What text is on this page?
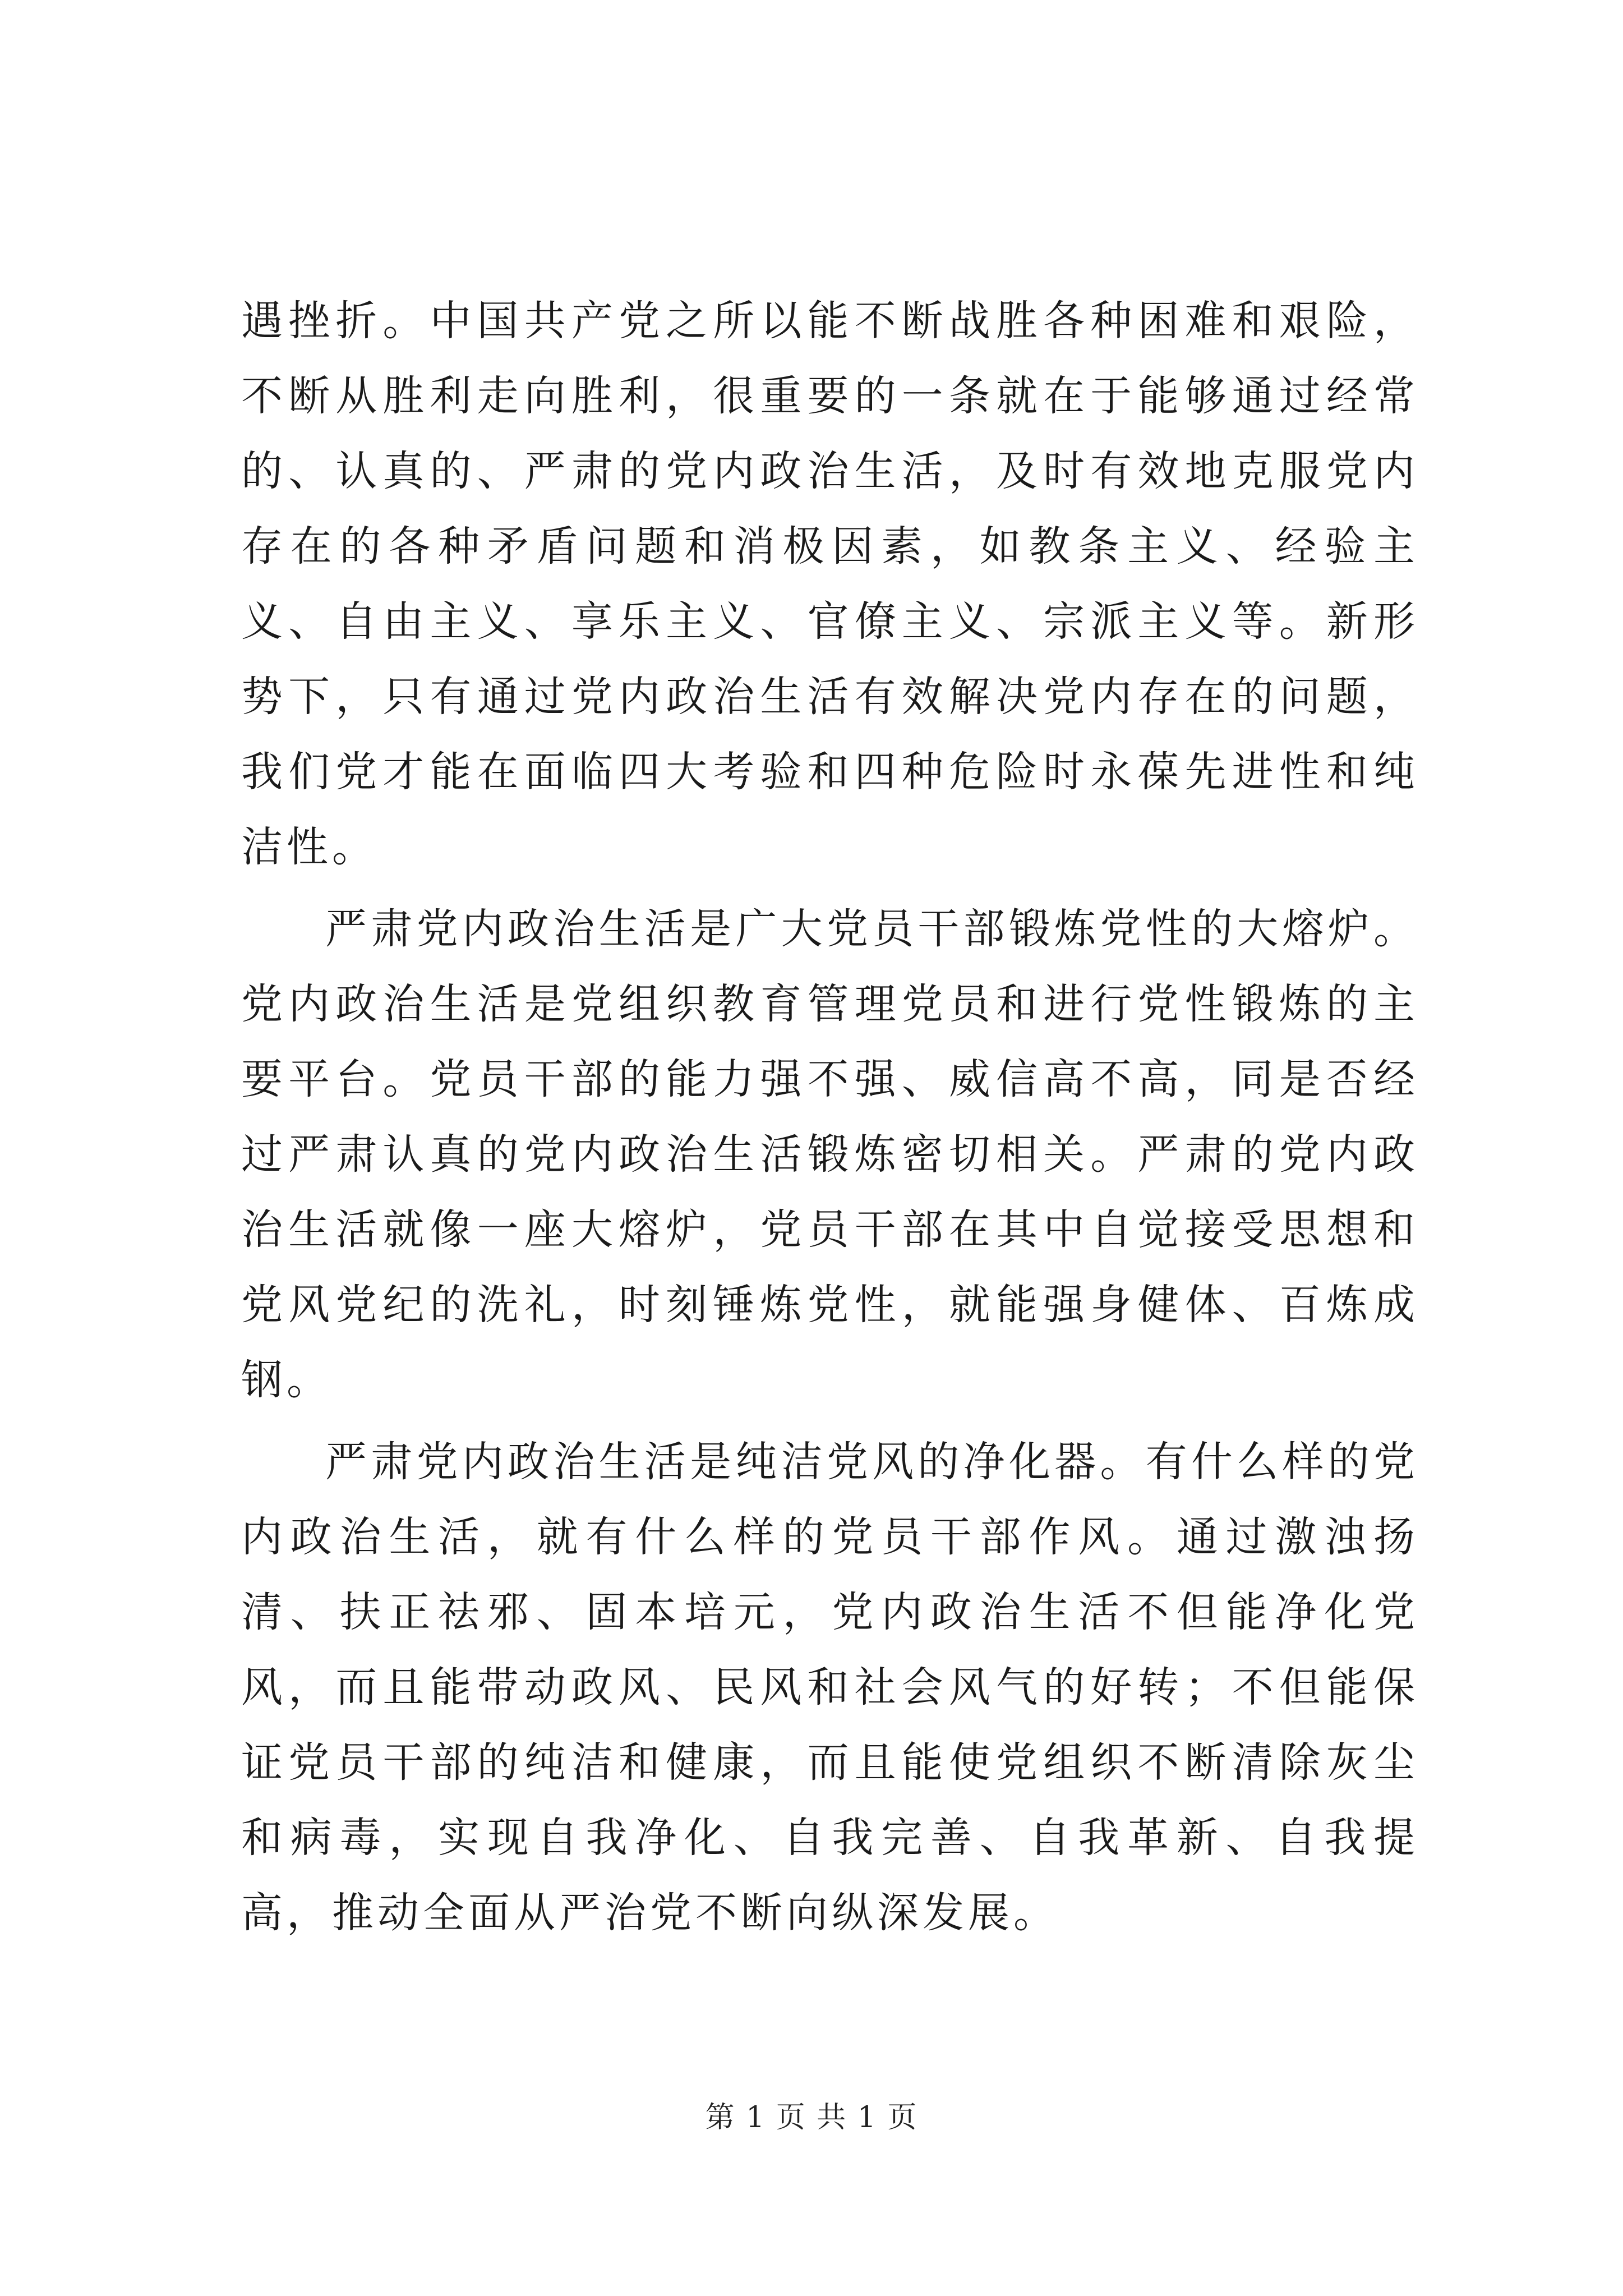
遇挫折。中国共产党之所以能不断战胜各种困难和艰险，不断从胜利走向胜利，很重要的一条就在于能够通过经常的、认真的、严肃的党内政治生活，及时有效地克服党内存在的各种矛盾问题和消极因素，如教条主义、经验主义、自由主义、享乐主义、官僚主义、宗派主义等。新形势下，只有通过党内政治生活有效解决党内存在的问题，我们党才能在面临四大考验和四种危险时永葆先进性和纯洁性。

严肃党内政治生活是广大党员干部锻炼党性的大熔炉。党内政治生活是党组织教育管理党员和进行党性锻炼的主要平台。党员干部的能力强不强、威信高不高，同是否经过严肃认真的党内政治生活锻炼密切相关。严肃的党内政治生活就像一座大熔炉，党员干部在其中自觉接受思想和党风党纪的洗礼，时刻锤炼党性，就能强身健体、百炼成钢。

严肃党内政治生活是纯洁党风的净化器。有什么样的党内政治生活，就有什么样的党员干部作风。通过激浊扬清、扶正祛邪、固本培元，党内政治生活不但能净化党风，而且能带动政风、民风和社会风气的好转；不但能保证党员干部的纯洁和健康，而且能使党组织不断清除灰尘和病毒，实现自我净化、自我完善、自我革新、自我提高，推动全面从严治党不断向纵深发展。

第 1 页 共 1 页
